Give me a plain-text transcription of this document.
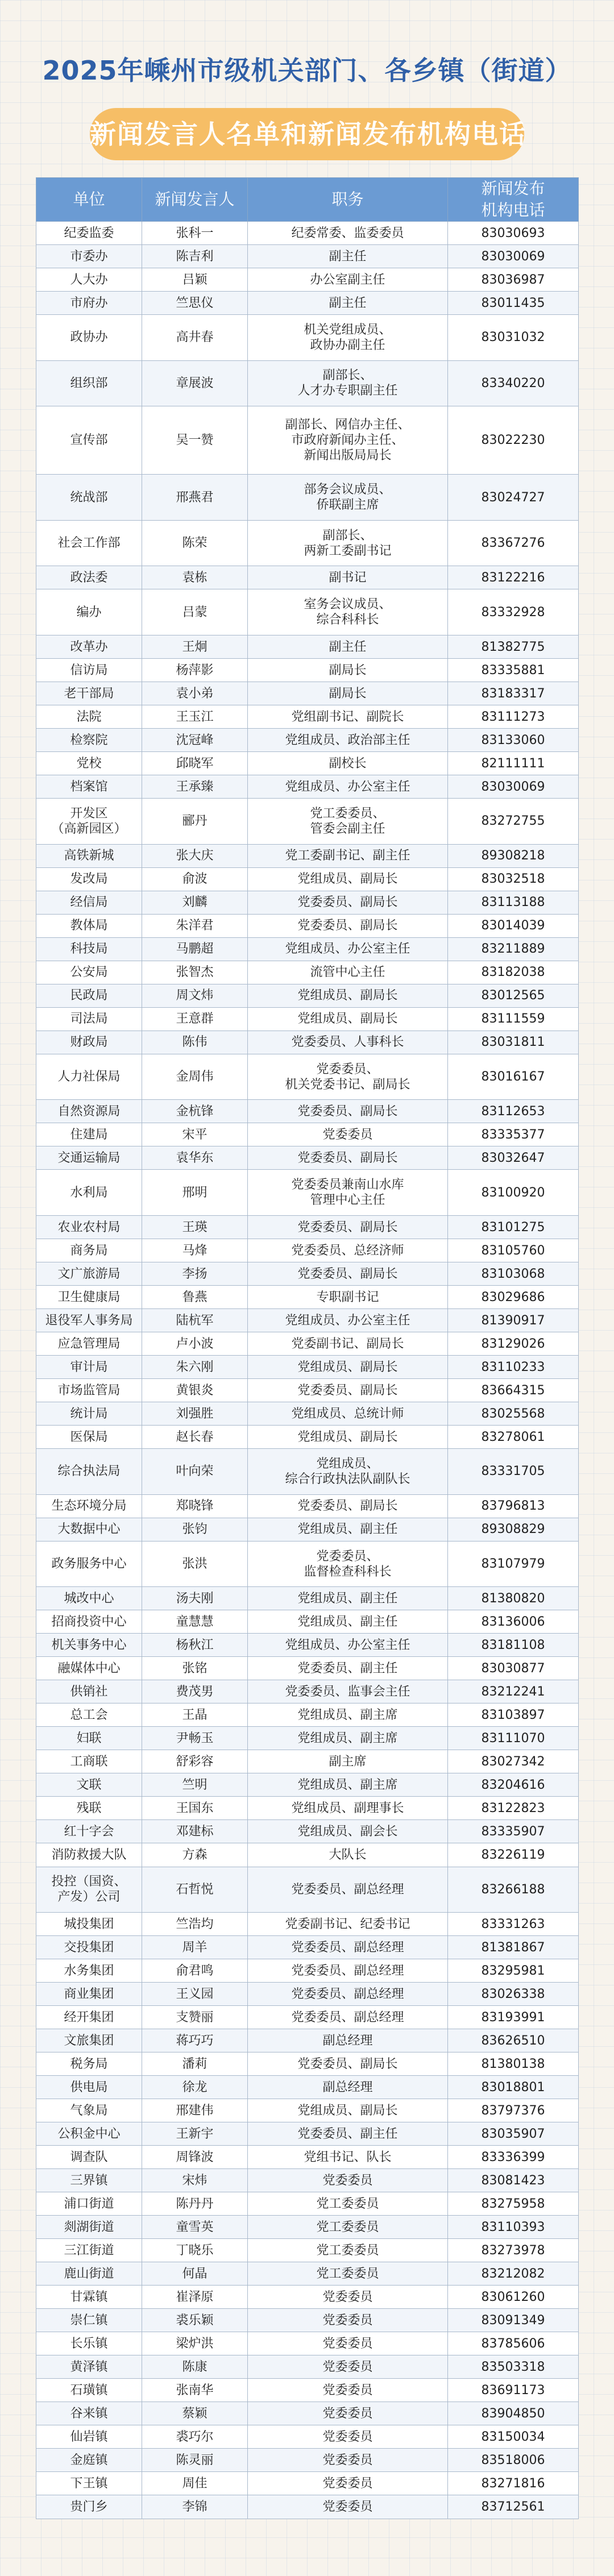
2025年嵊州市级机关部门、各乡镇（街道）
新闻发言人名单和新闻发布机构电话
单位	新闻发言人	职务	新闻发布
机构电话
纪委监委	张科一	纪委常委、监委委员	83030693
市委办	陈吉利	副主任	83030069
人大办	吕颖	办公室副主任	83036987
市府办	竺思仪	副主任	83011435
政协办	高井春	机关党组成员、
政协办副主任	83031032
组织部	章展波	副部长、
人才办专职副主任	83340220
宣传部	吴一赞	副部长、网信办主任、
市政府新闻办主任、
新闻出版局局长	83022230
统战部	邢燕君	部务会议成员、
侨联副主席	83024727
社会工作部	陈荣	副部长、
两新工委副书记	83367276
政法委	袁栋	副书记	83122216
编办	吕蒙	室务会议成员、
综合科科长	83332928
改革办	王炯	副主任	81382775
信访局	杨萍影	副局长	83335881
老干部局	袁小弟	副局长	83183317
法院	王玉江	党组副书记、副院长	83111273
检察院	沈冠峰	党组成员、政治部主任	83133060
党校	邱晓军	副校长	82111111
档案馆	王承臻	党组成员、办公室主任	83030069
开发区
（高新园区）	郦丹	党工委委员、
管委会副主任	83272755
高铁新城	张大庆	党工委副书记、副主任	89308218
发改局	俞波	党组成员、副局长	83032518
经信局	刘麟	党委委员、副局长	83113188
教体局	朱洋君	党委委员、副局长	83014039
科技局	马鹏超	党组成员、办公室主任	83211889
公安局	张智杰	流管中心主任	83182038
民政局	周文炜	党组成员、副局长	83012565
司法局	王意群	党组成员、副局长	83111559
财政局	陈伟	党委委员、人事科长	83031811
人力社保局	金周伟	党委委员、
机关党委书记、副局长	83016167
自然资源局	金杭锋	党委委员、副局长	83112653
住建局	宋平	党委委员	83335377
交通运输局	袁华东	党委委员、副局长	83032647
水利局	邢明	党委委员兼南山水库
管理中心主任	83100920
农业农村局	王瑛	党委委员、副局长	83101275
商务局	马烽	党委委员、总经济师	83105760
文广旅游局	李扬	党委委员、副局长	83103068
卫生健康局	鲁燕	专职副书记	83029686
退役军人事务局	陆杭军	党组成员、办公室主任	81390917
应急管理局	卢小波	党委副书记、副局长	83129026
审计局	朱六刚	党组成员、副局长	83110233
市场监管局	黄银炎	党委委员、副局长	83664315
统计局	刘强胜	党组成员、总统计师	83025568
医保局	赵长春	党组成员、副局长	83278061
综合执法局	叶向荣	党组成员、
综合行政执法队副队长	83331705
生态环境分局	郑晓锋	党委委员、副局长	83796813
大数据中心	张钧	党组成员、副主任	89308829
政务服务中心	张洪	党委委员、
监督检查科科长	83107979
城改中心	汤夫刚	党组成员、副主任	81380820
招商投资中心	童慧慧	党组成员、副主任	83136006
机关事务中心	杨秋江	党组成员、办公室主任	83181108
融媒体中心	张铭	党委委员、副主任	83030877
供销社	费茂男	党委委员、监事会主任	83212241
总工会	王晶	党组成员、副主席	83103897
妇联	尹畅玉	党组成员、副主席	83111070
工商联	舒彩容	副主席	83027342
文联	竺明	党组成员、副主席	83204616
残联	王国东	党组成员、副理事长	83122823
红十字会	邓建标	党组成员、副会长	83335907
消防救援大队	方森	大队长	83226119
投控（国资、
产发）公司	石哲悦	党委委员、副总经理	83266188
城投集团	竺浩均	党委副书记、纪委书记	83331263
交投集团	周羊	党委委员、副总经理	81381867
水务集团	俞君鸣	党委委员、副总经理	83295981
商业集团	王义园	党委委员、副总经理	83026338
经开集团	支赞丽	党委委员、副总经理	83193991
文旅集团	蒋巧巧	副总经理	83626510
税务局	潘莉	党委委员、副局长	81380138
供电局	徐龙	副总经理	83018801
气象局	邢建伟	党组成员、副局长	83797376
公积金中心	王新宇	党委委员、副主任	83035907
调查队	周锋波	党组书记、队长	83336399
三界镇	宋炜	党委委员	83081423
浦口街道	陈丹丹	党工委委员	83275958
剡湖街道	童雪英	党工委委员	83110393
三江街道	丁晓乐	党工委委员	83273978
鹿山街道	何晶	党工委委员	83212082
甘霖镇	崔泽原	党委委员	83061260
崇仁镇	裘乐颖	党委委员	83091349
长乐镇	梁炉洪	党委委员	83785606
黄泽镇	陈康	党委委员	83503318
石璜镇	张南华	党委委员	83691173
谷来镇	蔡颖	党委委员	83904850
仙岩镇	裘巧尔	党委委员	83150034
金庭镇	陈灵丽	党委委员	83518006
下王镇	周佳	党委委员	83271816
贵门乡	李锦	党委委员	83712561
